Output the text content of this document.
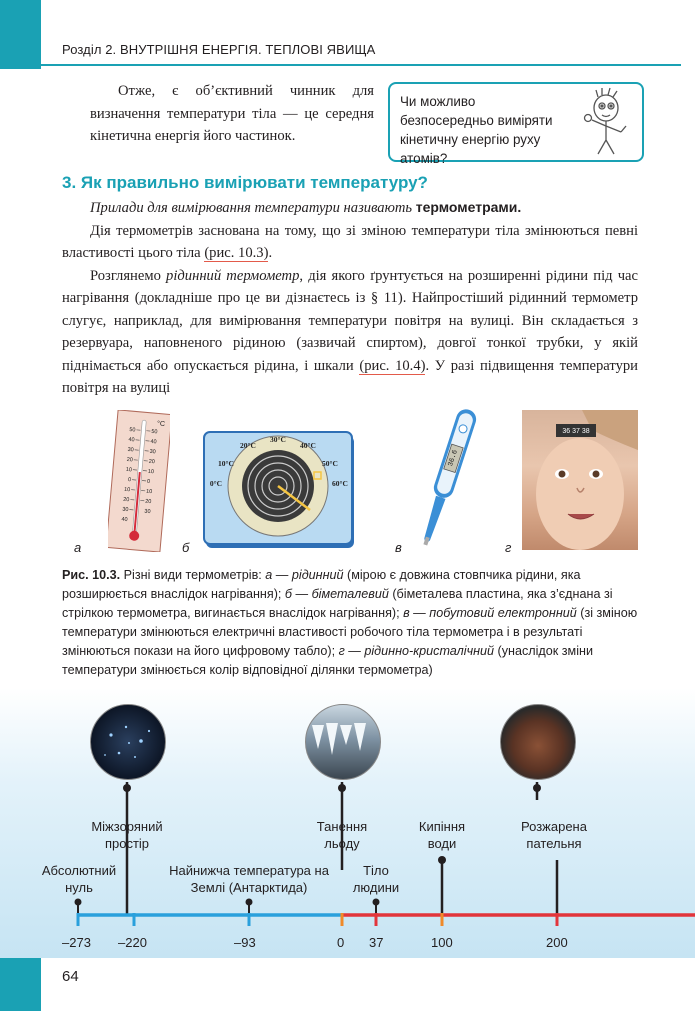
Розділ 2. ВНУТРІШНЯ ЕНЕРГІЯ. ТЕПЛОВІ ЯВИЩА
Отже, є об’єктивний чинник для визначення температури тіла — це середня кінетична енергія його частинок.
Чи можливо безпосередньо виміряти кінетичну енергію руху атомів?
3. Як правильно вимірювати температуру?

Прилади для вимірювання температури називають термометрами.

Дія термометрів заснована на тому, що зі зміною температури тіла змінюються певні властивості цього тіла (рис. 10.3).

Розглянемо рідинний термометр, дія якого ґрунтується на розширенні рідини під час нагрівання (докладніше про це ви дізнаєтесь із § 11). Найпростіший рідинний термометр слугує, наприклад, для вимірювання температури повітря на вулиці. Він складається з резервуара, наповненого рідиною (зазвичай спиртом), довгої тонкої трубки, у якій піднімається або опускається рідина, і шкали (рис. 10.4). У разі підвищення температури повітря на вулиці

°C
50
40
30
20
10
0
10
20
30
40
50
40
30
20
10
0
10
20
30
а
30°C
20°C	40°C
10°C	50°C
0°C	60°C
б
36.6
в
36 37 38
г
Рис. 10.3. Різні види термометрів: а — рідинний (мірою є довжина стовпчика рідини, яка розширюється внаслідок нагрівання); б — біметалевий (біметалева пластина, яка з’єднана зі стрілкою термометра, вигинається внаслідок нагрівання); в — побутовий електронний (зі зміною температури змінюються електричні властивості робочого тіла термометра і в результаті змінюються покази на його цифровому табло); г — рідинно-кристалічний (унаслідок зміни температури змінюється колір відповідної ділянки термометра)
Міжзоряний простір
Танення льоду
Кипіння води
Розжарена пательня
Абсолютний нуль
Найнижча температура на Землі (Антарктида)
Тіло людини
–273 –220	–93	0 37	100	200
64
